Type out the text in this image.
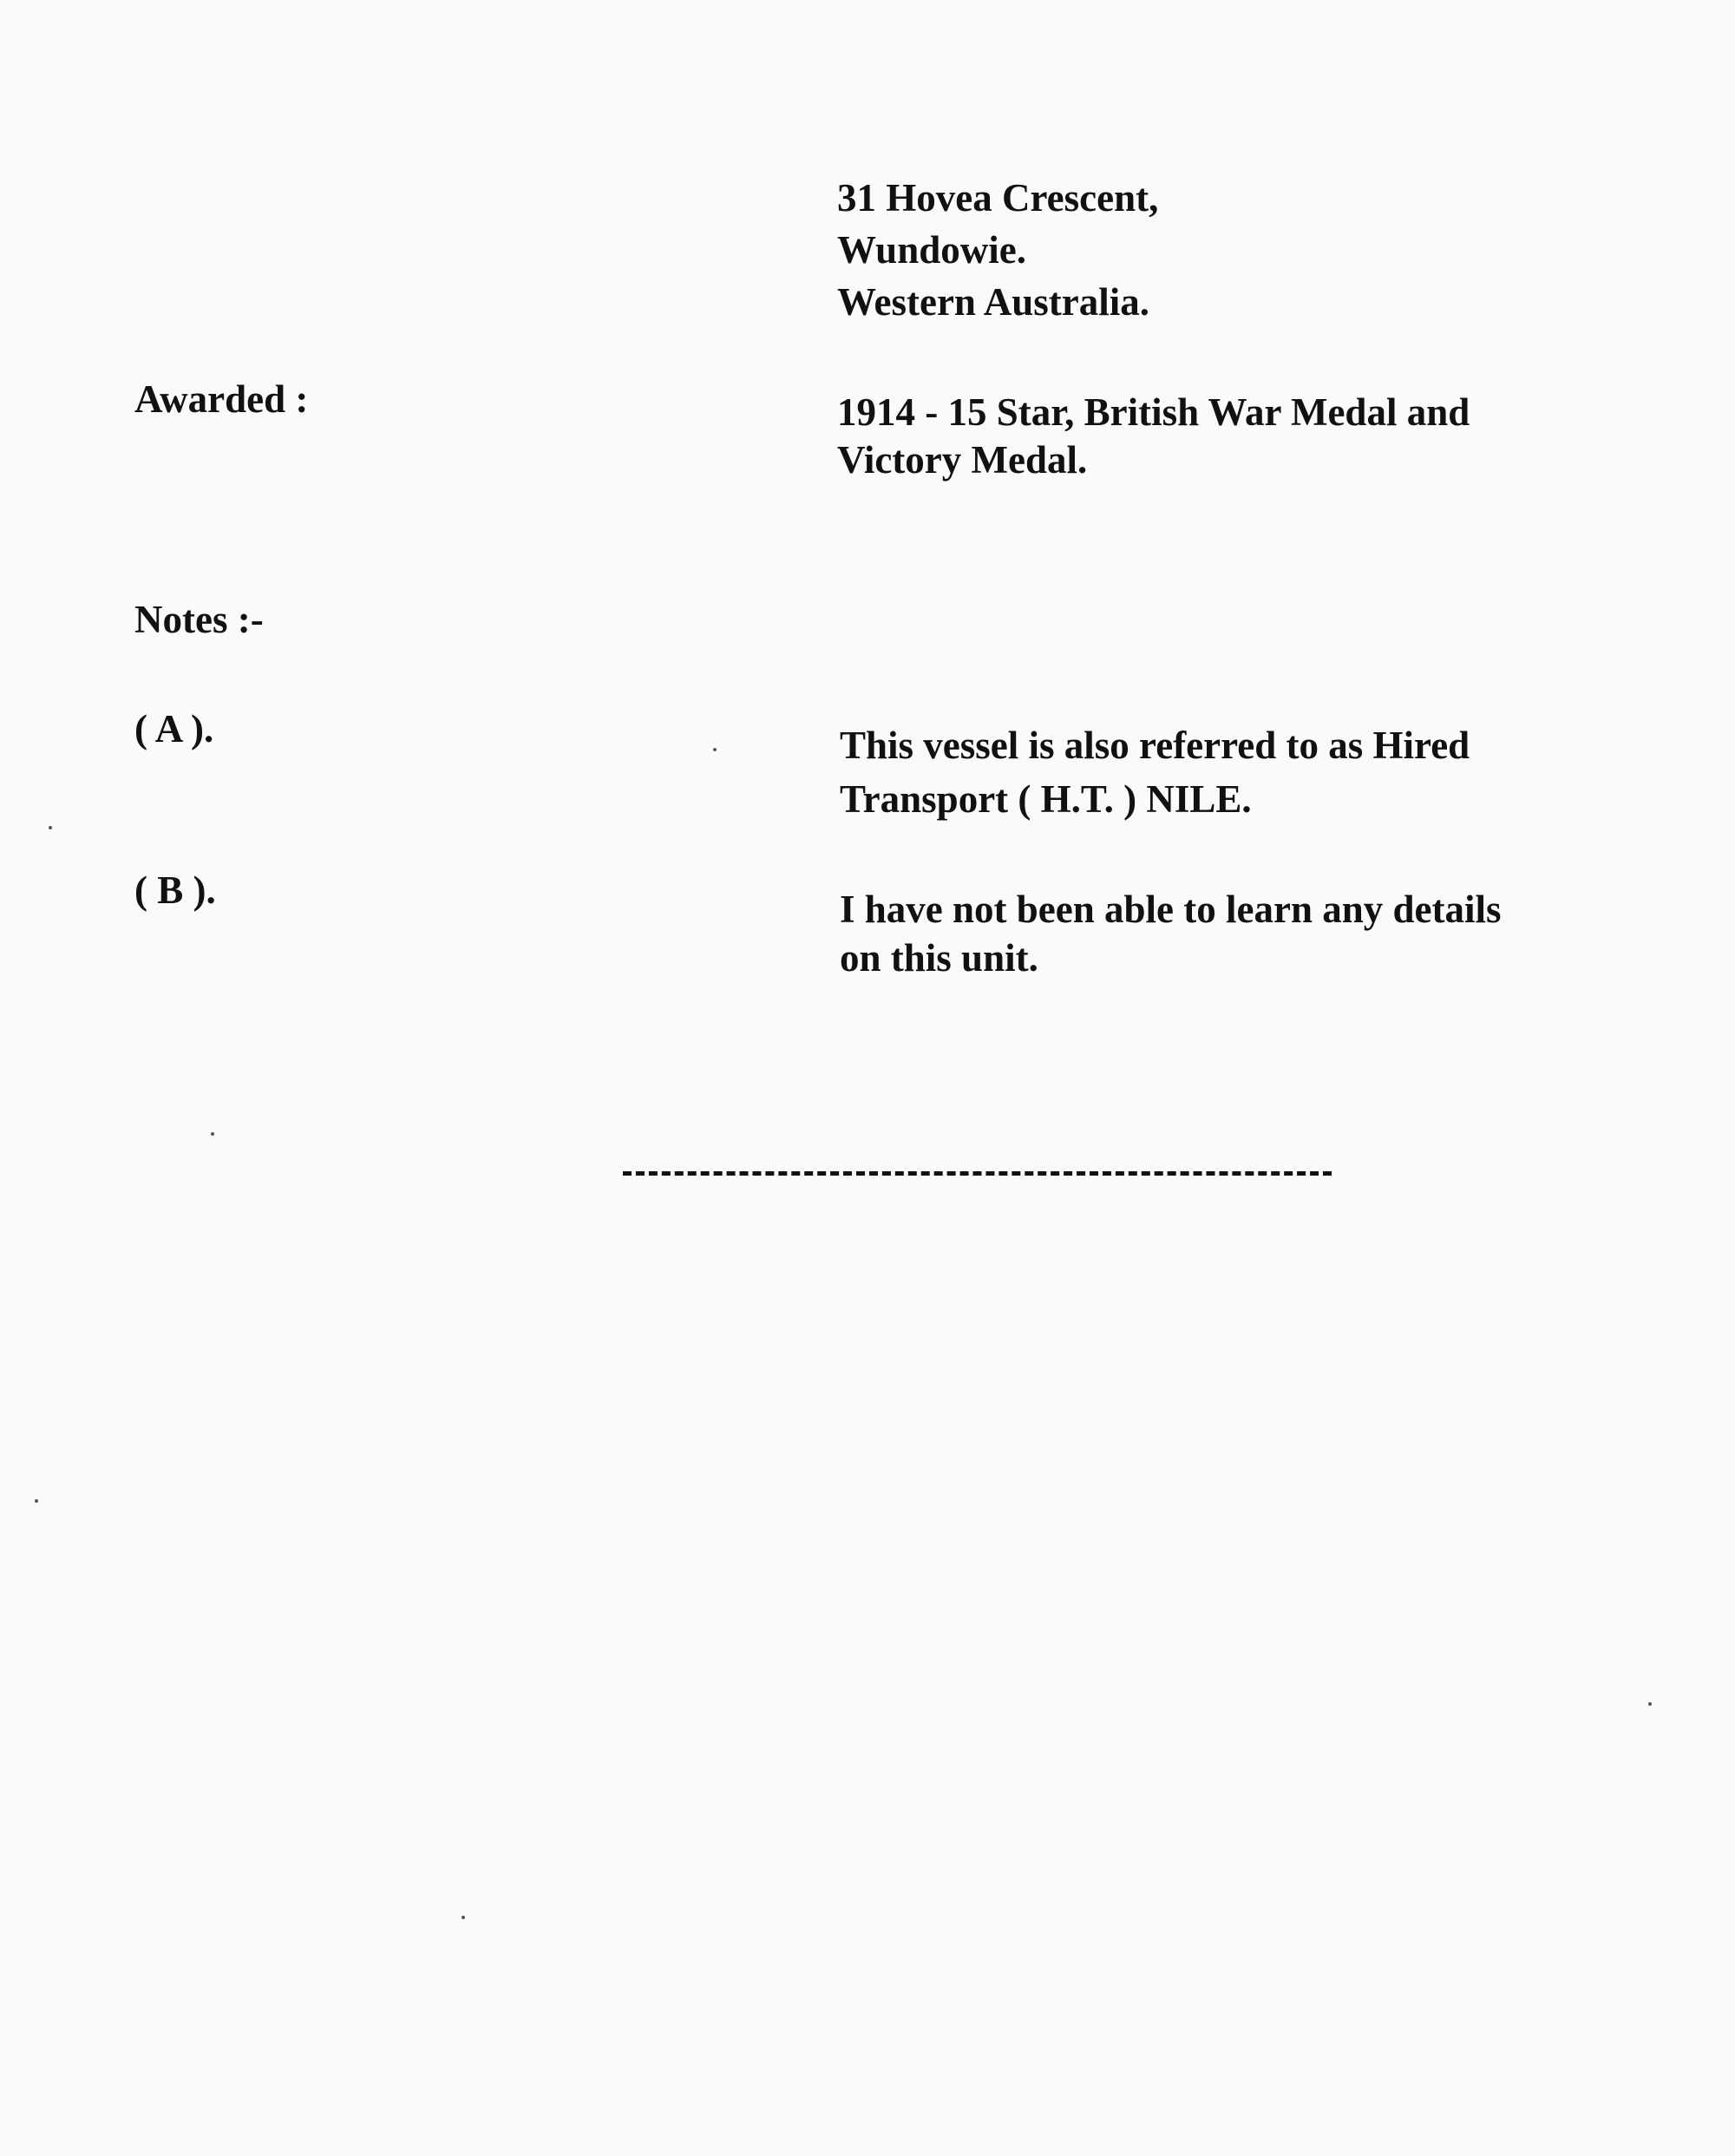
31 Hovea Crescent,
Wundowie.
Western Australia.
Awarded :	1914 - 15 Star, British War Medal and
Victory Medal.
Notes :-
( A ).	This vessel is also referred to as Hired
Transport ( H.T. ) NILE.
( B ).	I have not been able to learn any details
on this unit.
